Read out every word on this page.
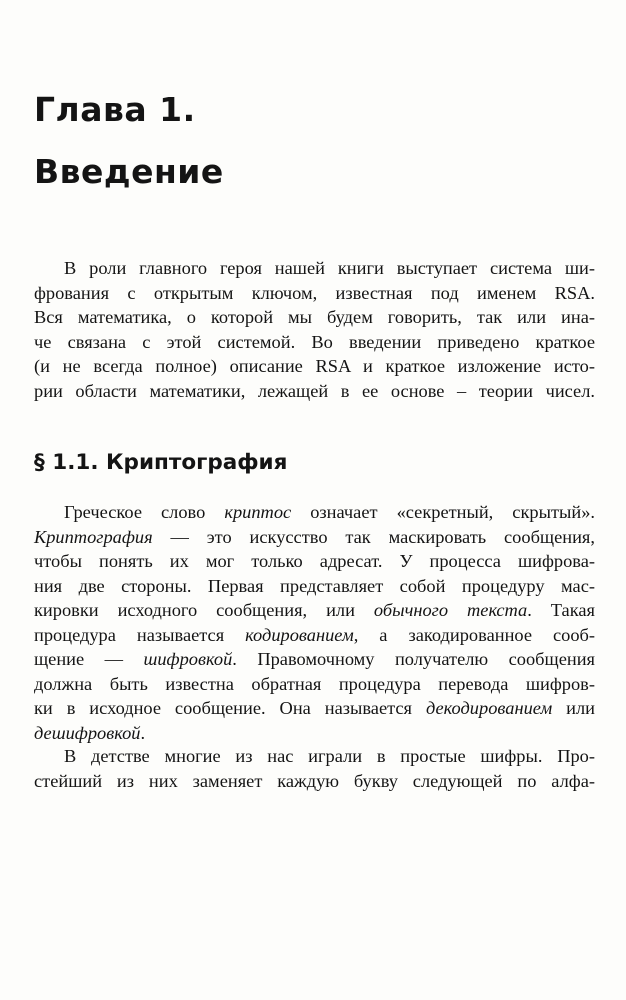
Глава 1.
Введение
В роли главного героя нашей книги выступает система ши-
фрования с открытым ключом, известная под именем RSA.
Вся математика, о которой мы будем говорить, так или ина-
че связана с этой системой. Во введении приведено краткое
(и не всегда полное) описание RSA и краткое изложение исто-
рии области математики, лежащей в ее основе – теории чисел.
§ 1.1. Криптография
Греческое слово криптос означает «секретный, скрытый».
Криптография — это искусство так маскировать сообщения,
чтобы понять их мог только адресат. У процесса шифрова-
ния две стороны. Первая представляет собой процедуру мас-
кировки исходного сообщения, или обычного текста. Такая
процедура называется кодированием, а закодированное сооб-
щение — шифровкой. Правомочному получателю сообщения
должна быть известна обратная процедура перевода шифров-
ки в исходное сообщение. Она называется декодированием или
дешифровкой.
В детстве многие из нас играли в простые шифры. Про-
стейший из них заменяет каждую букву следующей по алфа-
